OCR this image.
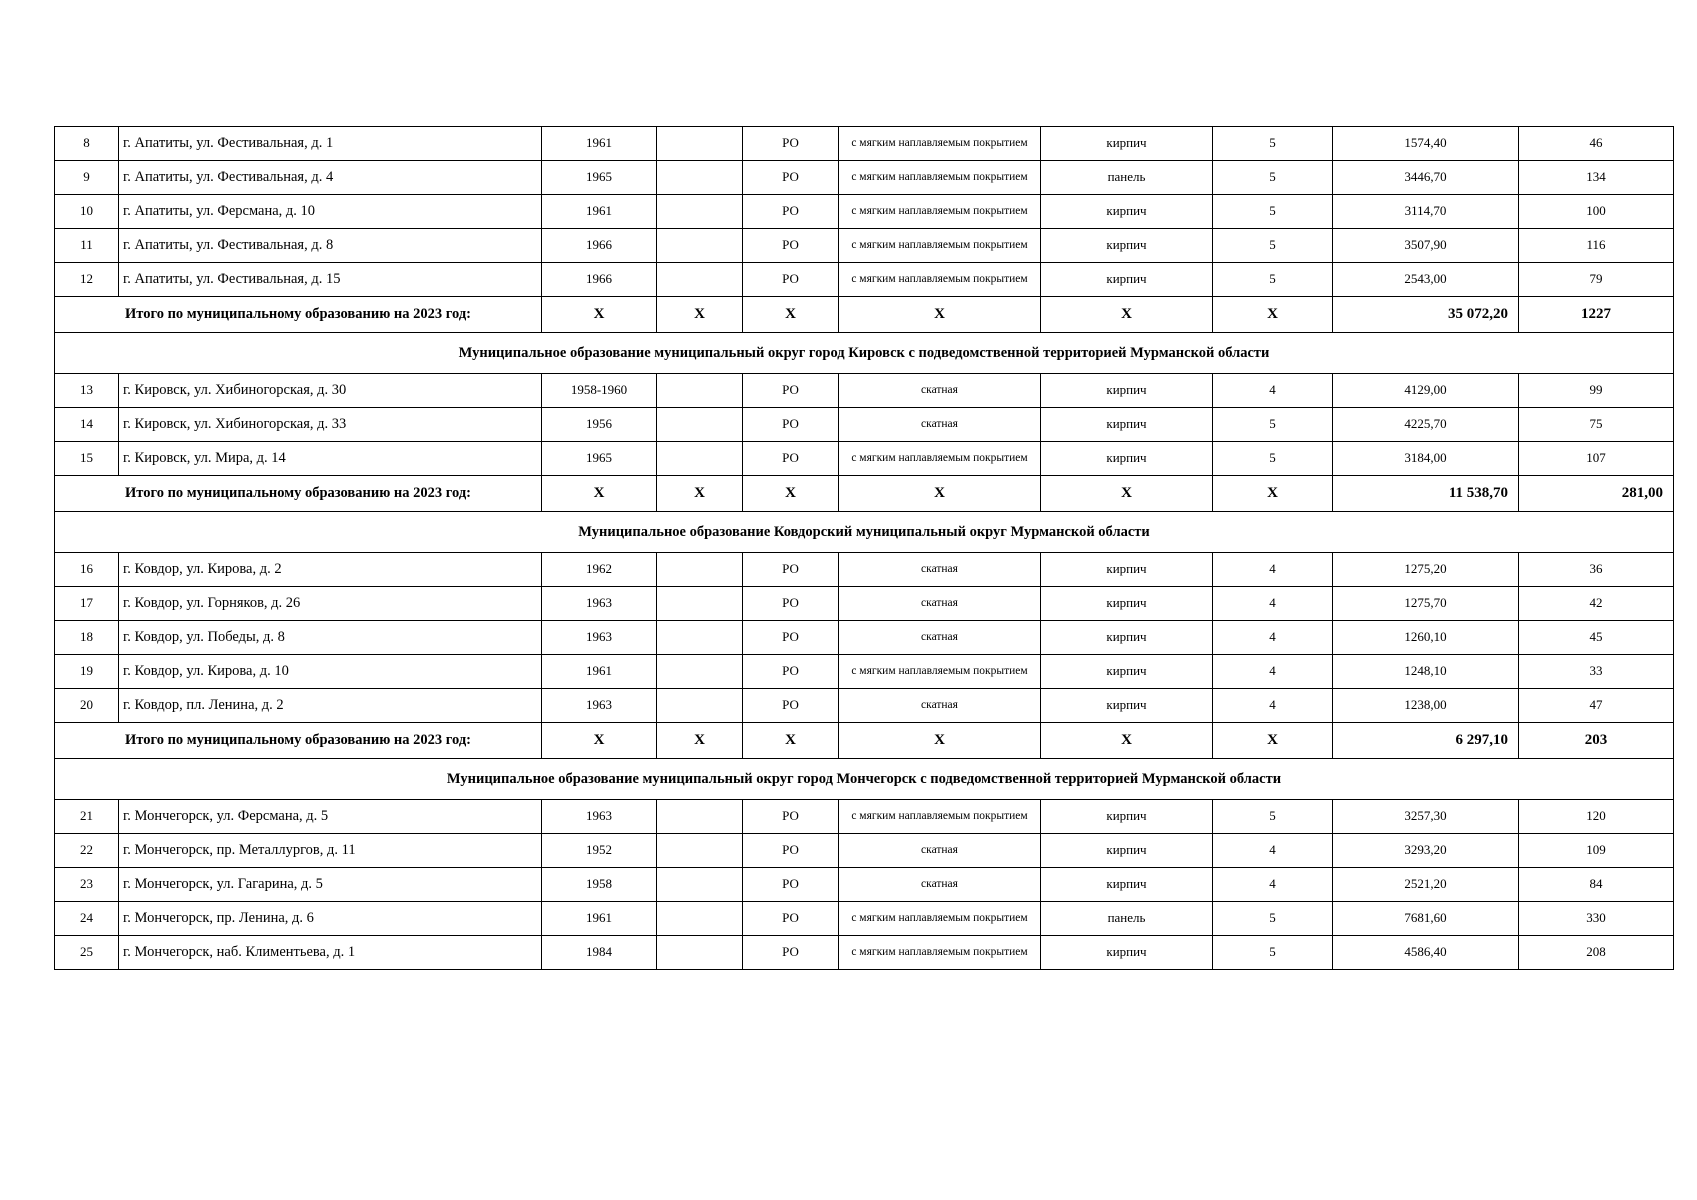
8	г. Апатиты, ул. Фестивальная, д. 1	1961		РО	с мягким наплавляемым покрытием	кирпич	5	1574,40	46
9	г. Апатиты, ул. Фестивальная, д. 4	1965		РО	с мягким наплавляемым покрытием	панель	5	3446,70	134
10	г. Апатиты, ул. Ферсмана, д. 10	1961		РО	с мягким наплавляемым покрытием	кирпич	5	3114,70	100
11	г. Апатиты, ул. Фестивальная, д. 8	1966		РО	с мягким наплавляемым покрытием	кирпич	5	3507,90	116
12	г. Апатиты, ул. Фестивальная, д. 15	1966		РО	с мягким наплавляемым покрытием	кирпич	5	2543,00	79
Итого по муниципальному образованию на 2023 год:		X	X	X	X	X	X	35 072,20	1227
Муниципальное образование муниципальный округ город Кировск с подведомственной территорией Мурманской области									
13	г. Кировск, ул. Хибиногорская, д. 30	1958-1960		РО	скатная	кирпич	4	4129,00	99
14	г. Кировск, ул. Хибиногорская, д. 33	1956		РО	скатная	кирпич	5	4225,70	75
15	г. Кировск, ул. Мира, д. 14	1965		РО	с мягким наплавляемым покрытием	кирпич	5	3184,00	107
Итого по муниципальному образованию на 2023 год:		X	X	X	X	X	X	11 538,70	281,00
Муниципальное образование Ковдорский муниципальный округ Мурманской области									
16	г. Ковдор, ул. Кирова, д. 2	1962		РО	скатная	кирпич	4	1275,20	36
17	г. Ковдор, ул. Горняков, д. 26	1963		РО	скатная	кирпич	4	1275,70	42
18	г. Ковдор, ул. Победы, д. 8	1963		РО	скатная	кирпич	4	1260,10	45
19	г. Ковдор, ул. Кирова, д. 10	1961		РО	с мягким наплавляемым покрытием	кирпич	4	1248,10	33
20	г. Ковдор, пл. Ленина, д. 2	1963		РО	скатная	кирпич	4	1238,00	47
Итого по муниципальному образованию на 2023 год:		X	X	X	X	X	X	6 297,10	203
Муниципальное образование муниципальный округ город Мончегорск с подведомственной территорией Мурманской области									
21	г. Мончегорск, ул. Ферсмана, д. 5	1963		РО	с мягким наплавляемым покрытием	кирпич	5	3257,30	120
22	г. Мончегорск, пр. Металлургов, д. 11	1952		РО	скатная	кирпич	4	3293,20	109
23	г. Мончегорск, ул. Гагарина, д. 5	1958		РО	скатная	кирпич	4	2521,20	84
24	г. Мончегорск, пр. Ленина, д. 6	1961		РО	с мягким наплавляемым покрытием	панель	5	7681,60	330
25	г. Мончегорск, наб. Климентьева, д. 1	1984		РО	с мягким наплавляемым покрытием	кирпич	5	4586,40	208
